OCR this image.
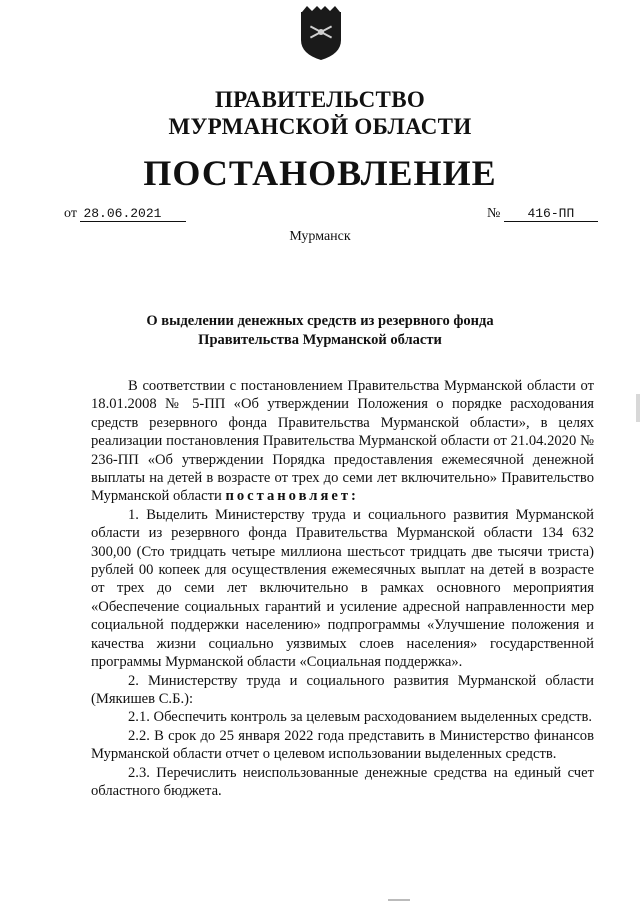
ПРАВИТЕЛЬСТВО
МУРМАНСКОЙ ОБЛАСТИ
ПОСТАНОВЛЕНИЕ
от 28.06.2021	№ 416-ПП
Мурманск
О выделении денежных средств из резервного фонда
Правительства Мурманской области

В соответствии с постановлением Правительства Мурманской области от 18.01.2008 № 5-ПП «Об утверждении Положения о порядке расходования средств резервного фонда Правительства Мурманской области», в целях реализации постановления Правительства Мурманской области от 21.04.2020 № 236-ПП «Об утверждении Порядка предоставления ежемесячной денежной выплаты на детей в возрасте от трех до семи лет включительно» Правительство Мурманской области постановляет:

1. Выделить Министерству труда и социального развития Мурманской области из резервного фонда Правительства Мурманской области 134 632 300,00 (Сто тридцать четыре миллиона шестьсот тридцать две тысячи триста) рублей 00 копеек для осуществления ежемесячных выплат на детей в возрасте от трех до семи лет включительно в рамках основного мероприятия «Обеспечение социальных гарантий и усиление адресной направленности мер социальной поддержки населению» подпрограммы «Улучшение положения и качества жизни социально уязвимых слоев населения» государственной программы Мурманской области «Социальная поддержка».

2. Министерству труда и социального развития Мурманской области (Мякишев С.Б.):

2.1. Обеспечить контроль за целевым расходованием выделенных средств.

2.2. В срок до 25 января 2022 года представить в Министерство финансов Мурманской области отчет о целевом использовании выделенных средств.

2.3. Перечислить неиспользованные денежные средства на единый счет областного бюджета.
